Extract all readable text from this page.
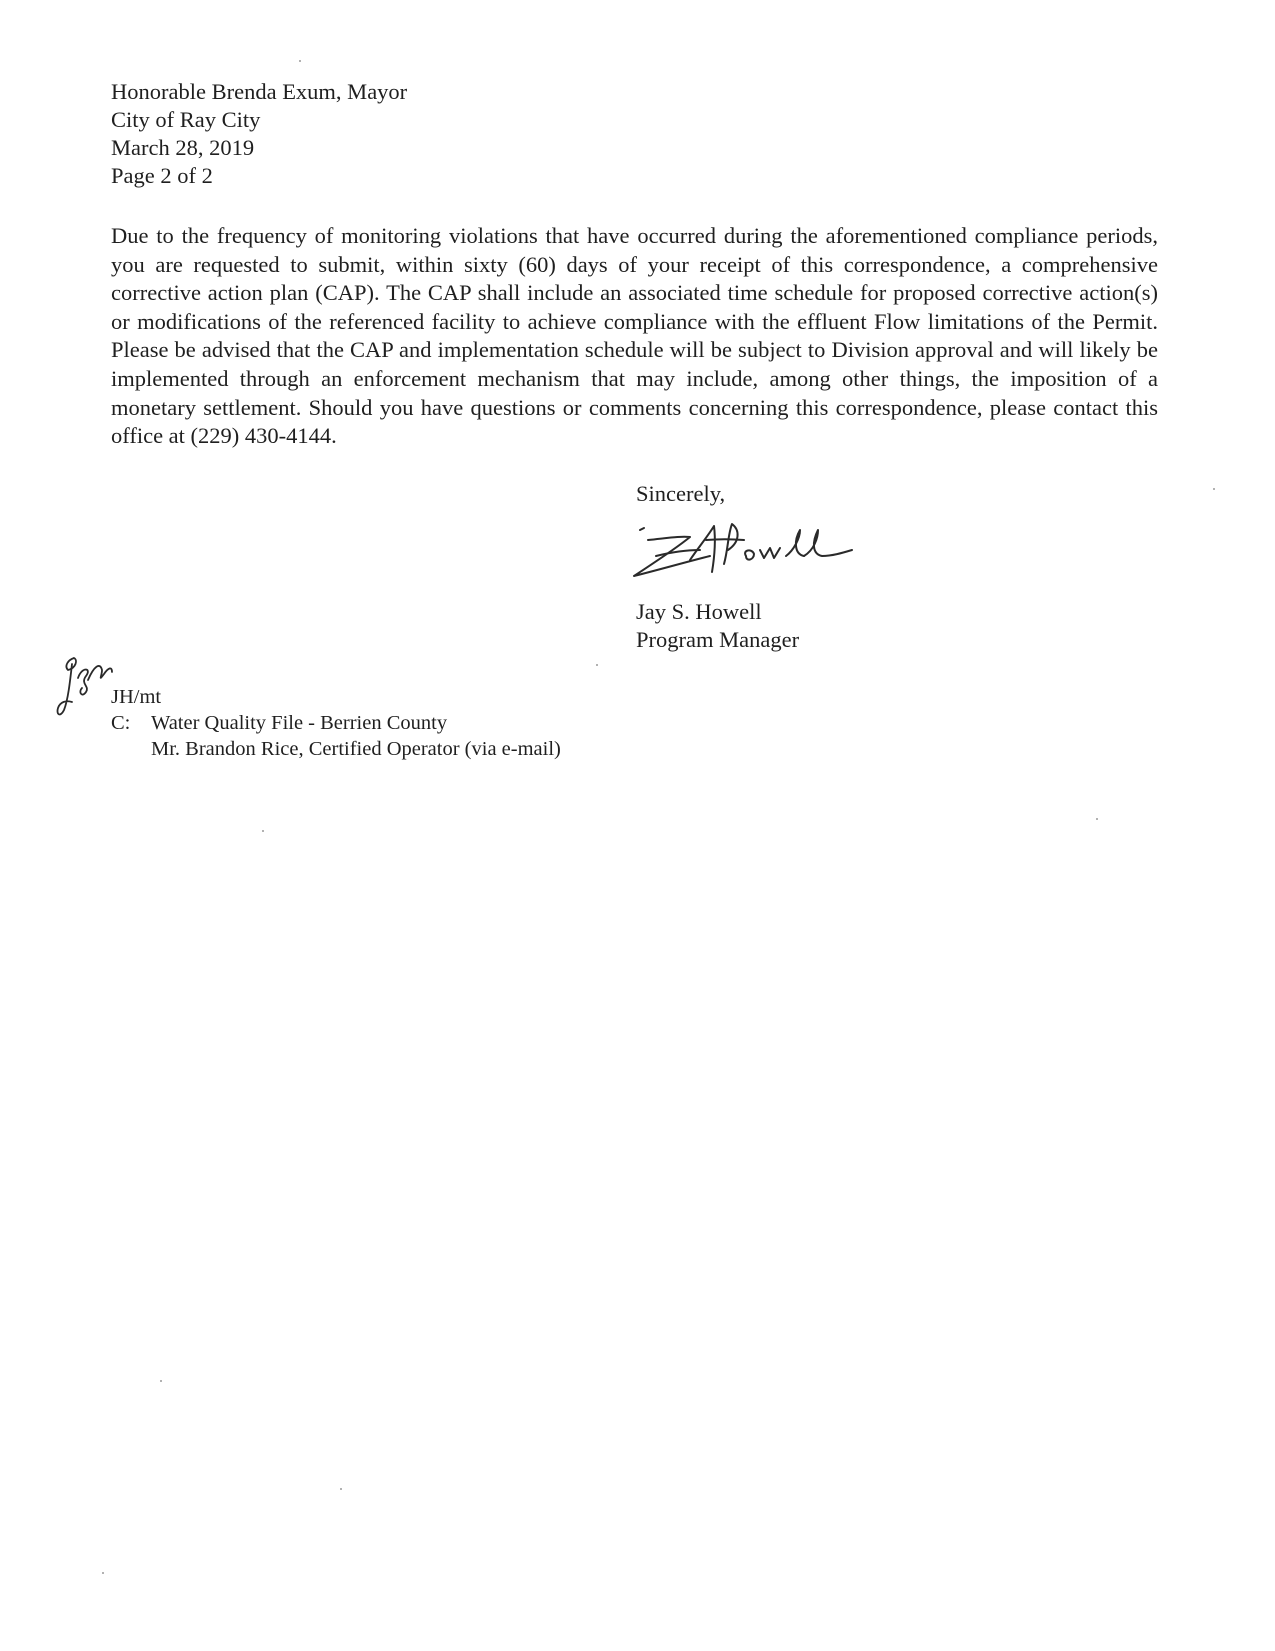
Honorable Brenda Exum, Mayor
City of Ray City
March 28, 2019
Page 2 of 2
Due to the frequency of monitoring violations that have occurred during the aforementioned compliance periods, you are requested to submit, within sixty (60) days of your receipt of this correspondence, a comprehensive corrective action plan (CAP). The CAP shall include an associated time schedule for proposed corrective action(s) or modifications of the referenced facility to achieve compliance with the effluent Flow limitations of the Permit. Please be advised that the CAP and implementation schedule will be subject to Division approval and will likely be implemented through an enforcement mechanism that may include, among other things, the imposition of a monetary settlement. Should you have questions or comments concerning this correspondence, please contact this office at (229) 430-4144.
Sincerely,
Jay S. Howell
Program Manager
JH/mt
C:	Water Quality File - Berrien County
Mr. Brandon Rice, Certified Operator (via e-mail)
